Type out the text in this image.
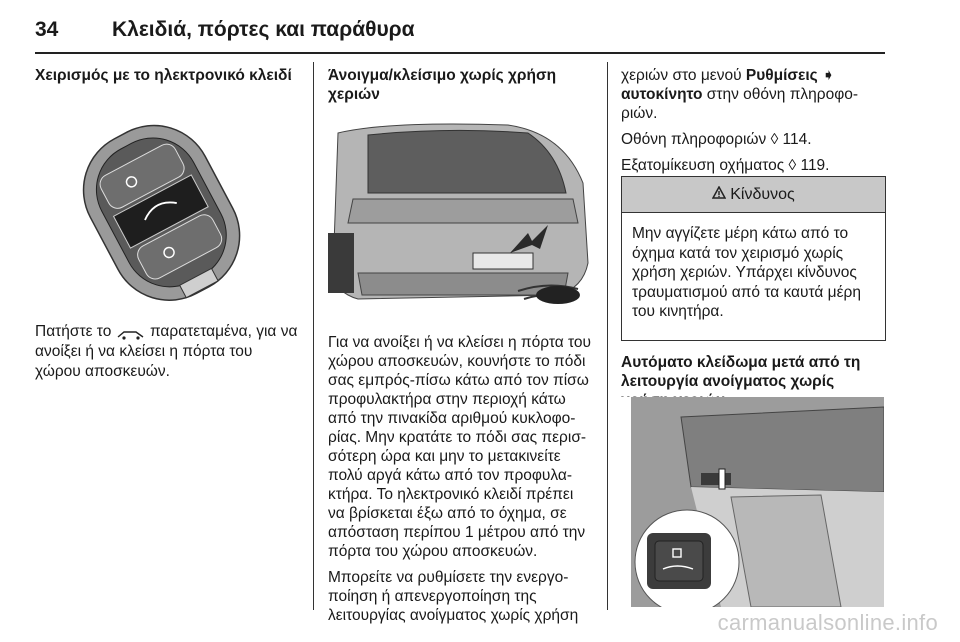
34	Κλειδιά, πόρτες και παράθυρα
Χειρισμός με το ηλεκτρονικό κλειδί

Πατήστε το  παρατεταμένα, για να ανοίξει ή να κλείσει η πόρτα του χώρου αποσκευών.

Άνοιγμα/κλείσιμο χωρίς χρήση χεριών

Για να ανοίξει ή να κλείσει η πόρτα του χώρου αποσκευών, κουνήστε το πόδι σας εμπρός-πίσω κάτω από τον πίσω προφυλακτήρα στην περιοχή κάτω από την πινακίδα αριθμού κυκλοφο-ρίας. Μην κρατάτε το πόδι σας περισ-σότερη ώρα και μην το μετακινείτε πολύ αργά κάτω από τον προφυλα-κτήρα. Το ηλεκτρονικό κλειδί πρέπει να βρίσκεται έξω από το όχημα, σε απόσταση περίπου 1 μέτρου από την πόρτα του χώρου αποσκευών.

Μπορείτε να ρυθμίσετε την ενεργο-ποίηση ή απενεργοποίηση της λειτουργίας ανοίγματος χωρίς χρήση

χεριών στο μενού Ρυθμίσεις ➧
αυτοκίνητο στην οθόνη πληροφο-ριών.

Οθόνη πληροφοριών ◊ 114.

Εξατομίκευση οχήματος ◊ 119.

Κίνδυνος
Μην αγγίζετε μέρη κάτω από το όχημα κατά τον χειρισμό χωρίς χρήση χεριών. Υπάρχει κίνδυνος τραυματισμού από τα καυτά μέρη του κινητήρα.
Αυτόματο κλείδωμα μετά από τη λειτουργία ανοίγματος χωρίς
carmanualsonline.info
